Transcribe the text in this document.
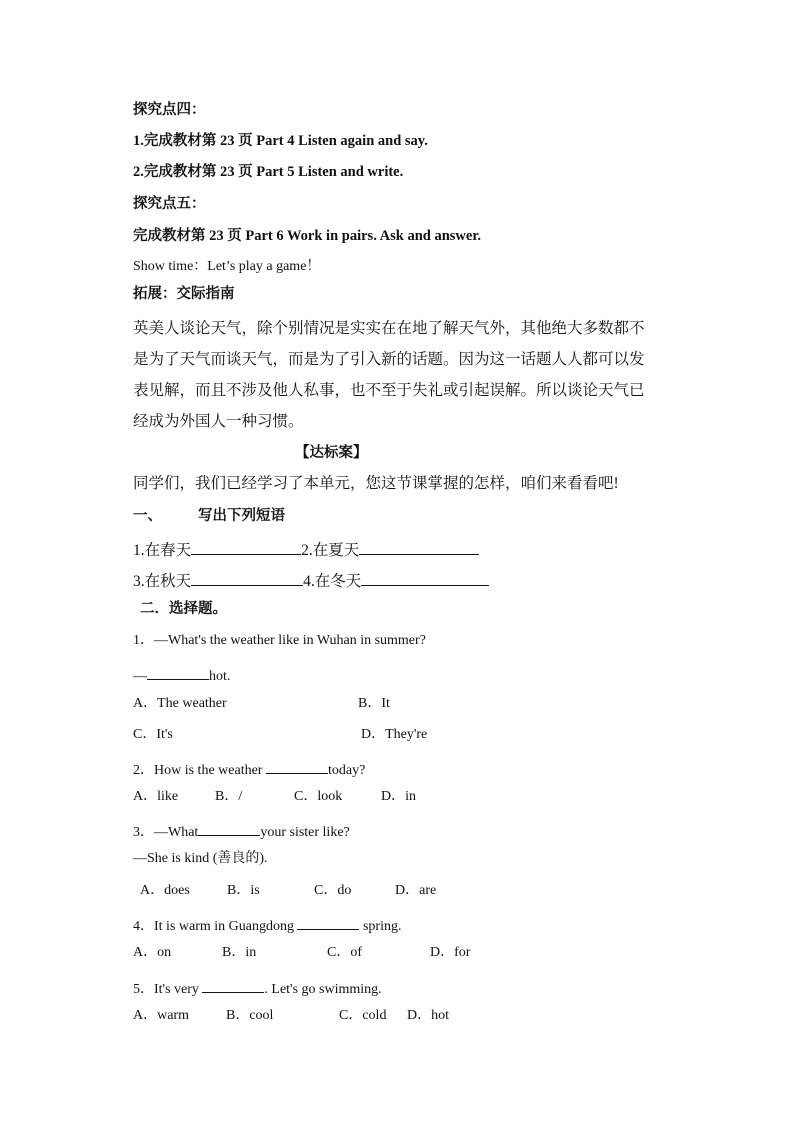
探究点四：
1.完成教材第 23 页 Part 4 Listen again and say.
2.完成教材第 23 页 Part 5 Listen and write.
探究点五：
完成教材第 23 页 Part 6 Work in pairs. Ask and answer.
Show time：Let’s play a game！
拓展：交际指南
英美人谈论天气，除个别情况是实实在在地了解天气外，其他绝大多数都不
是为了天气而谈天气，而是为了引入新的话题。因为这一话题人人都可以发
表见解，而且不涉及他人私事，也不至于失礼或引起误解。所以谈论天气已
经成为外国人一种习惯。
【达标案】
同学们，我们已经学习了本单元，您这节课掌握的怎样，咱们来看看吧!
一、 写出下列短语
1.在春天	2.在夏天
3.在秋天	4.在冬天
二．选择题。
1．—What's the weather like in Wuhan in summer?
—	hot.
A．The weather	B．It
C．It's	D．They're
2．How is the weather	today?
A．like	B．/	C．look	D．in
3．—What	your sister like?
—She is kind (善良的).
A．does	B．is	C．do	D．are
4．It is warm in Guangdong	spring.
A．on	B．in	C．of	D．for
5．It's very	. Let's go swimming.
A．warm	B．cool	C．cold D．hot
